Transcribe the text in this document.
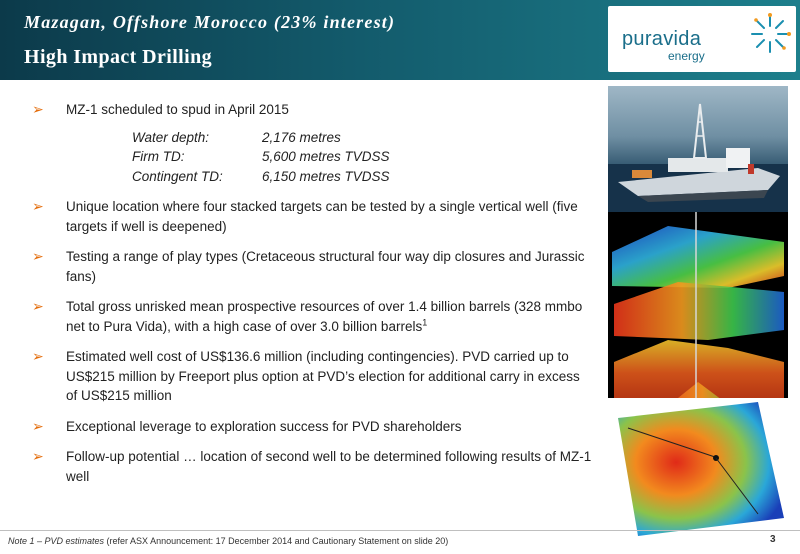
Mazagan, Offshore Morocco (23% interest)
High Impact Drilling
puravida
energy
➢ MZ-1 scheduled to spud in April 2015
Water depth:	2,176 metres
Firm TD:	5,600 metres TVDSS
Contingent TD:	6,150 metres TVDSS
➢ Unique location where four stacked targets can be tested by a single vertical well (five targets if well is deepened)
➢ Testing a range of play types (Cretaceous structural four way dip closures and Jurassic fans)
➢ Total gross unrisked mean prospective resources of over 1.4 billion barrels (328 mmbo net to Pura Vida), with a high case of over 3.0 billion barrels$^1$
➢ Estimated well cost of US$136.6 million (including contingencies). PVD carried up to US$215 million by Freeport plus option at PVD’s election for additional carry in excess of US$215 million
➢ Exceptional leverage to exploration success for PVD shareholders
➢ Follow-up potential … location of second well to be determined following results of MZ-1 well
Note 1 – PVD estimates (refer ASX Announcement: 17 December 2014 and Cautionary Statement on slide 20)	3
